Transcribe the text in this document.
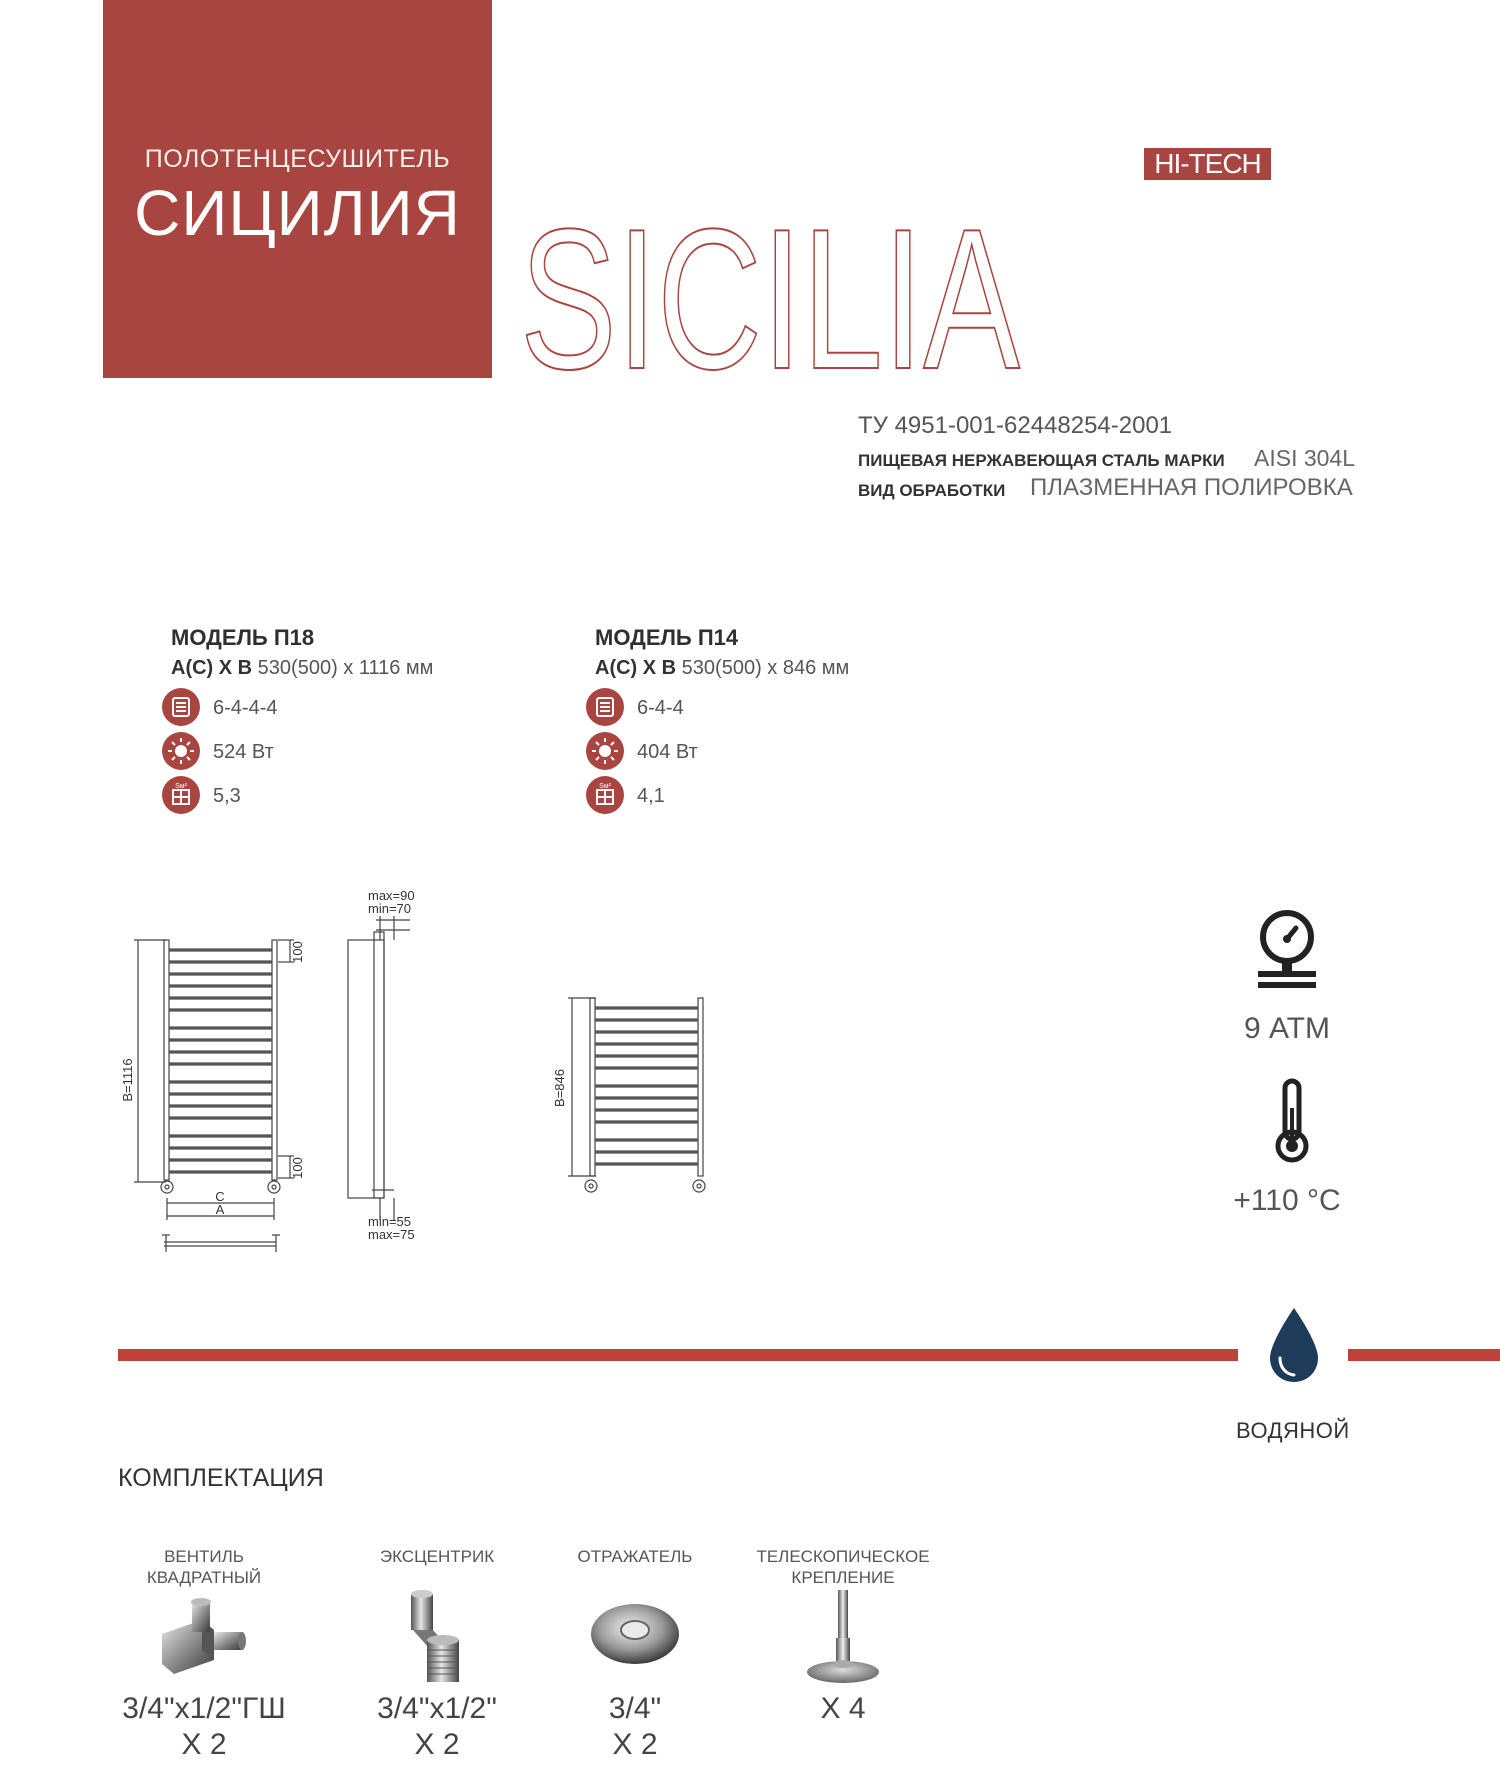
ПОЛОТЕНЦЕСУШИТЕЛЬ
СИЦИЛИЯ
HI-TECH
SICILIA
ТУ 4951-001-62448254-2001
ПИЩЕВАЯ НЕРЖАВЕЮЩАЯ СТАЛЬ МАРКИ AISI 304L
ВИД ОБРАБОТКИ ПЛАЗМЕННАЯ ПОЛИРОВКА
МОДЕЛЬ П18
А(С) Х В 530(500) х 1116 мм
6-4-4-4
524 Вт
Sм² 5,3
МОДЕЛЬ П14
А(С) Х В 530(500) х 846 мм
6-4-4
404 Вт
Sм² 4,1
B=1116
100
100
C
A
max=90
min=70
min=55
max=75
B=846
9 АТМ
+110 °С
ВОДЯНОЙ
КОМПЛЕКТАЦИЯ
ВЕНТИЛЬ
КВАДРАТНЫЙ
3/4"x1/2"ГШ
Х 2
ЭКСЦЕНТРИК
3/4"x1/2"
Х 2
ОТРАЖАТЕЛЬ
3/4"
Х 2
ТЕЛЕСКОПИЧЕСКОЕ
КРЕПЛЕНИЕ
Х 4
